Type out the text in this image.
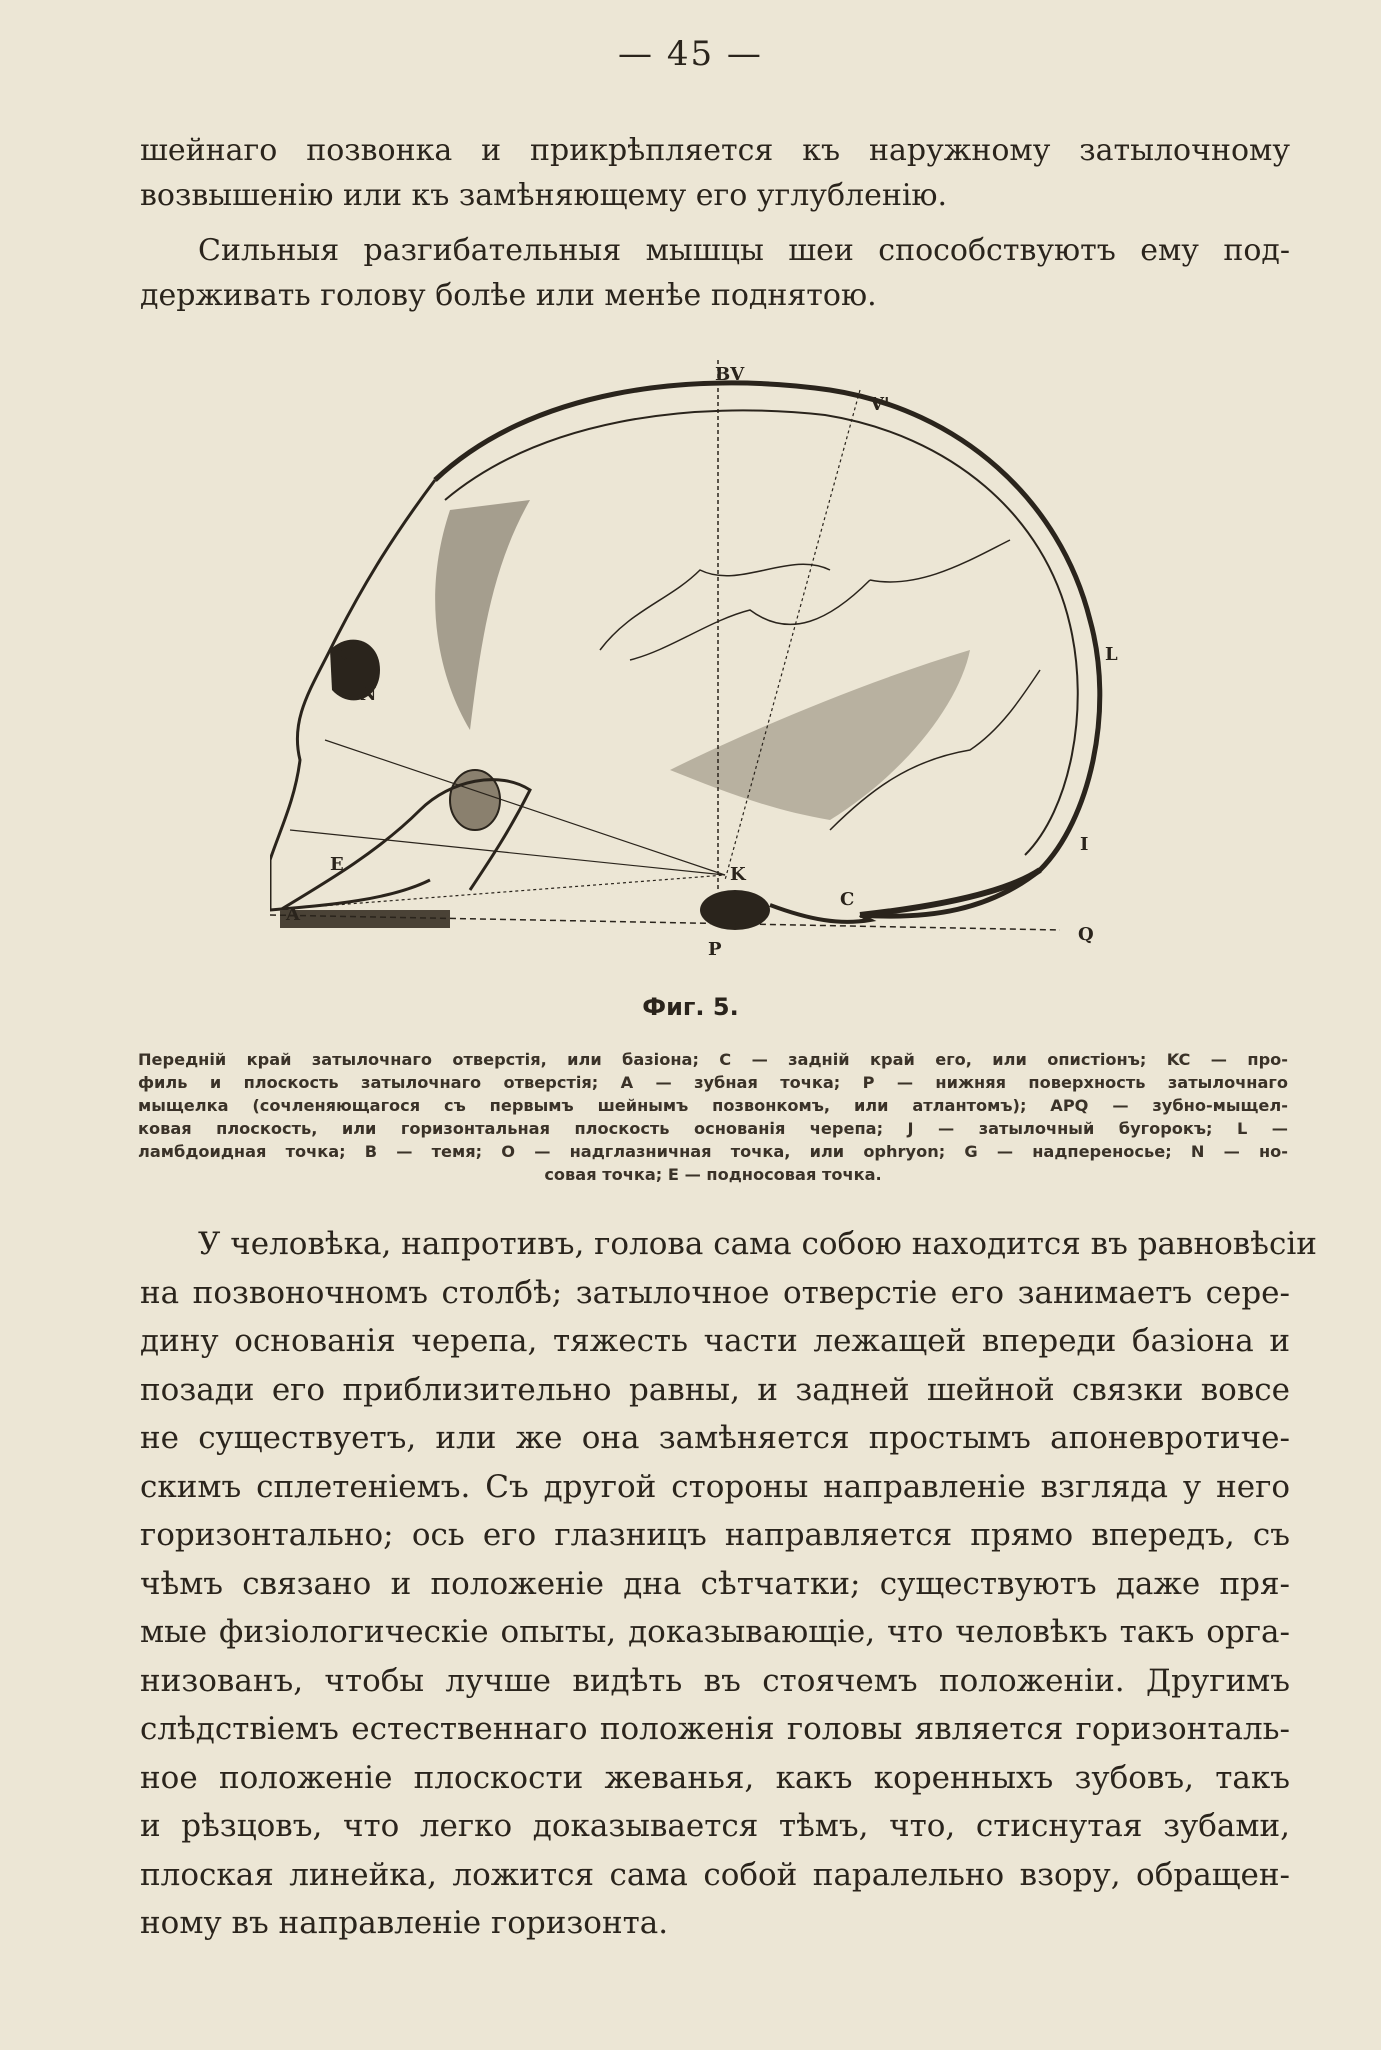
— 45 —
шейнаго позвонка и прикрѣпляется къ наружному затылочному
возвышенію или къ замѣняющему его углубленію.
Сильныя разгибательныя мышцы шеи способствуютъ ему под-
держивать голову болѣе или менѣе поднятою.
BV
V'
G
N
E
A
L
I
K
C
P
Q
Фиг. 5.
Передній край затылочнаго отверстія, или базіона; C — задній край его, или опистіонъ; KC — про-
филь и плоскость затылочнаго отверстія; A — зубная точка; P — нижняя поверхность затылочнаго
мыщелка (сочленяющагося съ первымъ шейнымъ позвонкомъ, или атлантомъ); APQ — зубно-мыщел-
ковая плоскость, или горизонтальная плоскость основанія черепа; J — затылочный бугорокъ; L —
ламбдоидная точка; B — темя; O — надглазничная точка, или ophryon; G — надпереносье; N — но-
совая точка; E — подносовая точка.
У человѣка, напротивъ, голова сама собою находится въ равновѣсіи
на позвоночномъ столбѣ; затылочное отверстіе его занимаетъ сере-
дину основанія черепа, тяжесть части лежащей впереди базіона и
позади его приблизительно равны, и задней шейной связки вовсе
не существуетъ, или же она замѣняется простымъ апоневротиче-
скимъ сплетеніемъ. Съ другой стороны направленіе взгляда у него
горизонтально; ось его глазницъ направляется прямо впередъ, съ
чѣмъ связано и положеніе дна сѣтчатки; существуютъ даже пря-
мые физіологическіе опыты, доказывающіе, что человѣкъ такъ орга-
низованъ, чтобы лучше видѣть въ стоячемъ положеніи. Другимъ
слѣдствіемъ естественнаго положенія головы является горизонталь-
ное положеніе плоскости жеванья, какъ коренныхъ зубовъ, такъ
и рѣзцовъ, что легко доказывается тѣмъ, что, стиснутая зубами,
плоская линейка, ложится сама собой паралельно взору, обращен-
ному въ направленіе горизонта.
